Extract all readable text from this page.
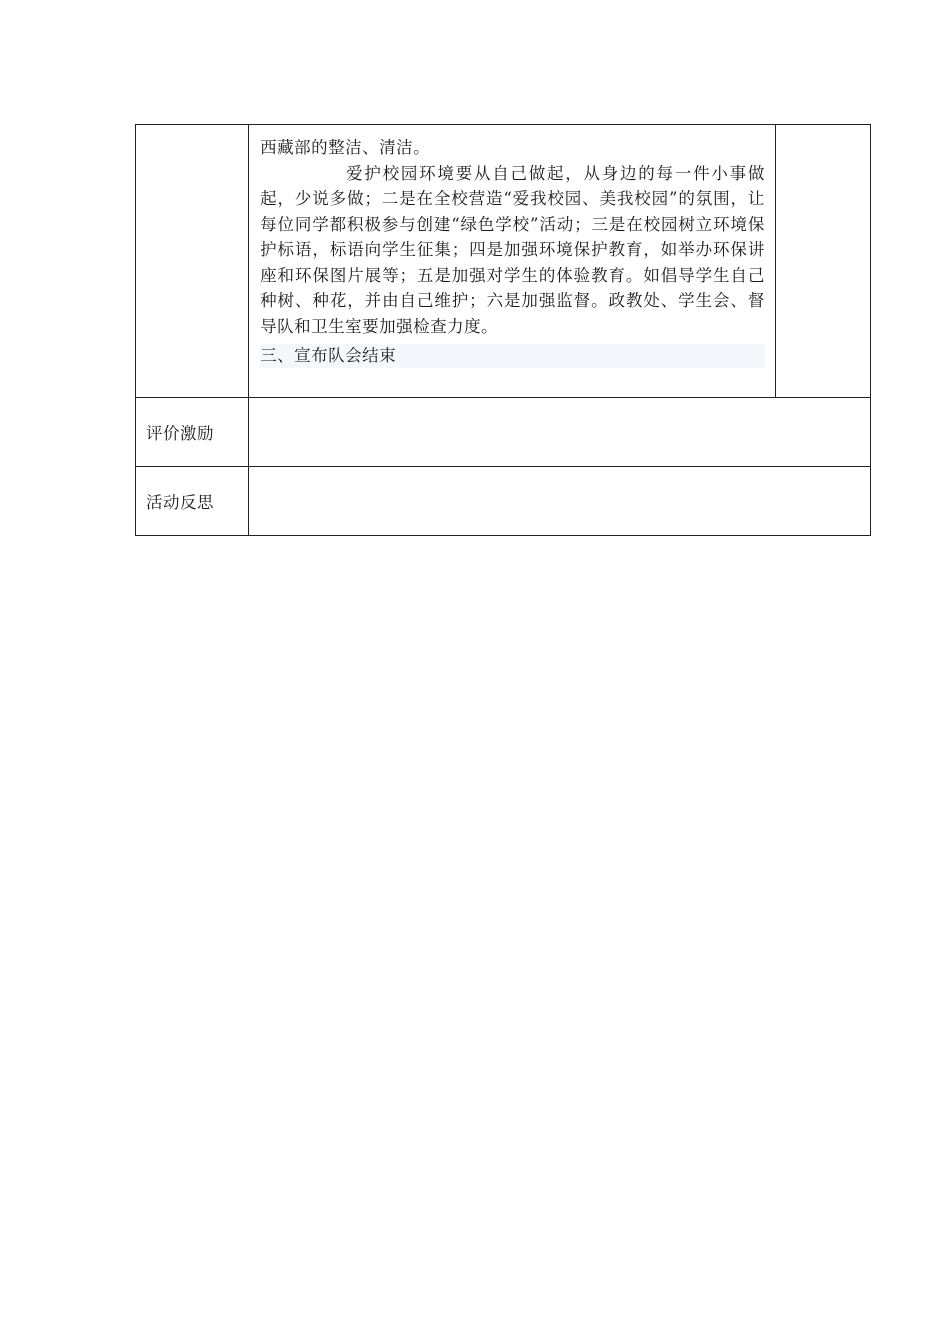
	西藏部的整洁、清洁。

爱护校园环境要从自己做起，从身边的每一件小事做起，少说多做；二是在全校营造“爱我校园、美我校园”的氛围，让每位同学都积极参与创建“绿色学校”活动；三是在校园树立环境保护标语，标语向学生征集；四是加强环境保护教育，如举办环保讲座和环保图片展等；五是加强对学生的体验教育。如倡导学生自己种树、种花，并由自己维护；六是加强监督。政教处、学生会、督导队和卫生室要加强检查力度。

三、宣布队会结束	

评价激励		
活动反思		
